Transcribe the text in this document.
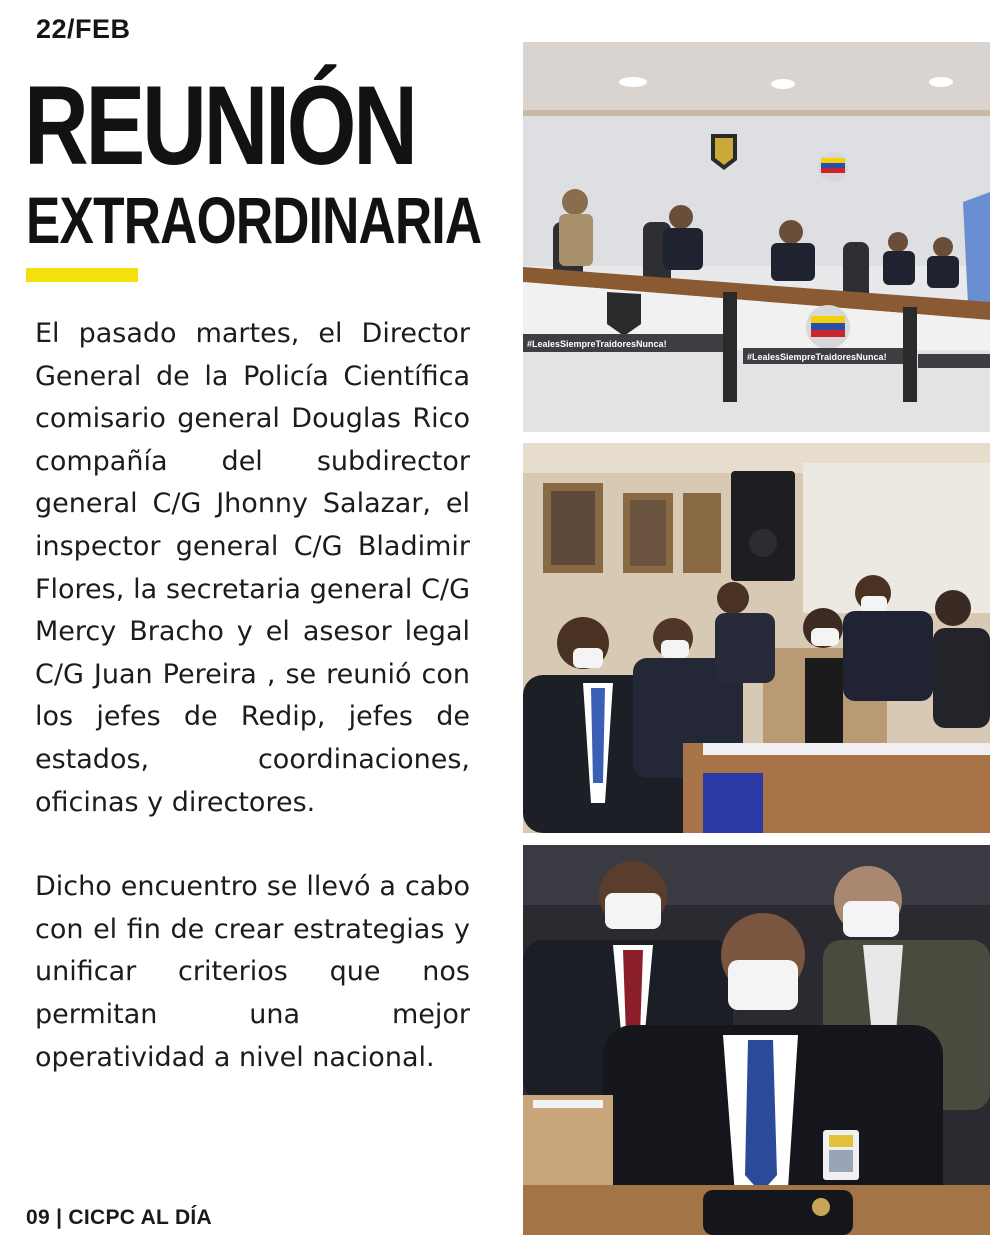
22/FEB
REUNIÓN
EXTRAORDINARIA

El pasado martes, el Director General de la Policía Científica comisario general Douglas Rico compañía del subdirector general C/G Jhonny Salazar, el inspector general C/G Bladimir Flores, la secretaria general C/G Mercy Bracho y el asesor legal C/G Juan Pereira , se reunió con los jefes de Redip, jefes de estados, coordinaciones, oficinas y directores.

Dicho encuentro se llevó a cabo con el fin de crear estrategias y unificar criterios que nos permitan una mejor operatividad a nivel nacional.

09 | CICPC AL DÍA
#LealesSiempreTraidoresNunca!
#LealesSiempreTraidoresNunca!
